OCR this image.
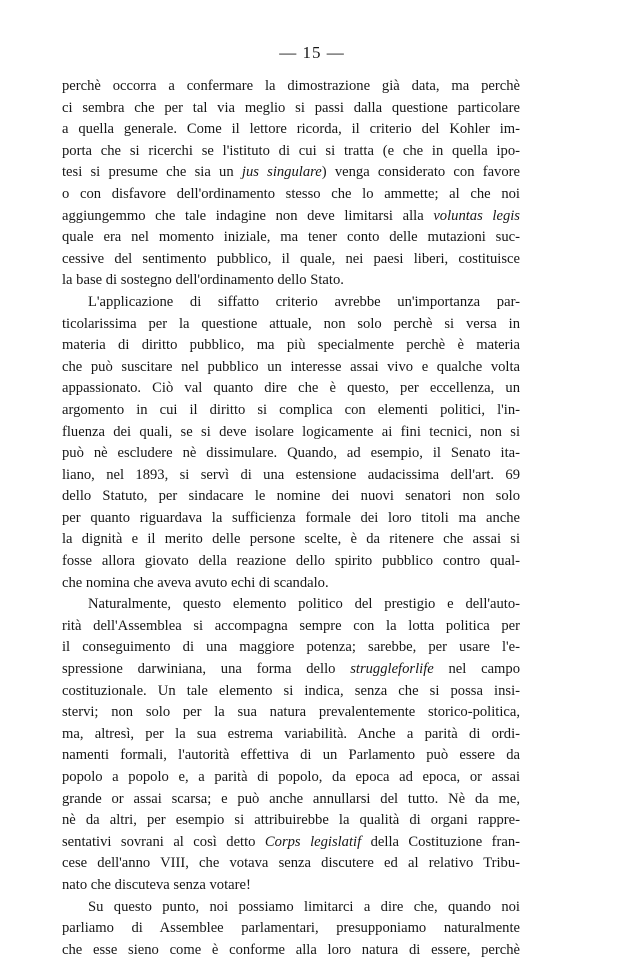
— 15 —
perchè occorra a confermare la dimostrazione già data, ma perchè
ci sembra che per tal via meglio si passi dalla questione particolare
a quella generale. Come il lettore ricorda, il criterio del Kohler im-
porta che si ricerchi se l'istituto di cui si tratta (e che in quella ipo-
tesi si presume che sia un jus singulare) venga considerato con favore
o con disfavore dell'ordinamento stesso che lo ammette; al che noi
aggiungemmo che tale indagine non deve limitarsi alla voluntas legis
quale era nel momento iniziale, ma tener conto delle mutazioni suc-
cessive del sentimento pubblico, il quale, nei paesi liberi, costituisce
la base di sostegno dell'ordinamento dello Stato.
L'applicazione di siffatto criterio avrebbe un'importanza par-
ticolarissima per la questione attuale, non solo perchè si versa in
materia di diritto pubblico, ma più specialmente perchè è materia
che può suscitare nel pubblico un interesse assai vivo e qualche volta
appassionato. Ciò val quanto dire che è questo, per eccellenza, un
argomento in cui il diritto si complica con elementi politici, l'in-
fluenza dei quali, se si deve isolare logicamente ai fini tecnici, non si
può nè escludere nè dissimulare. Quando, ad esempio, il Senato ita-
liano, nel 1893, si servì di una estensione audacissima dell'art. 69
dello Statuto, per sindacare le nomine dei nuovi senatori non solo
per quanto riguardava la sufficienza formale dei loro titoli ma anche
la dignità e il merito delle persone scelte, è da ritenere che assai si
fosse allora giovato della reazione dello spirito pubblico contro qual-
che nomina che aveva avuto echi di scandalo.
Naturalmente, questo elemento politico del prestigio e dell'auto-
rità dell'Assemblea si accompagna sempre con la lotta politica per
il conseguimento di una maggiore potenza; sarebbe, per usare l'e-
spressione darwiniana, una forma dello struggleforlife nel campo
costituzionale. Un tale elemento si indica, senza che si possa insi-
stervi; non solo per la sua natura prevalentemente storico-politica,
ma, altresì, per la sua estrema variabilità. Anche a parità di ordi-
namenti formali, l'autorità effettiva di un Parlamento può essere da
popolo a popolo e, a parità di popolo, da epoca ad epoca, or assai
grande or assai scarsa; e può anche annullarsi del tutto. Nè da me,
nè da altri, per esempio si attribuirebbe la qualità di organi rappre-
sentativi sovrani al così detto Corps legislatif della Costituzione fran-
cese dell'anno VIII, che votava senza discutere ed al relativo Tribu-
nato che discuteva senza votare!
Su questo punto, noi possiamo limitarci a dire che, quando noi
parliamo di Assemblee parlamentari, presupponiamo naturalmente
che esse sieno come è conforme alla loro natura di essere, perchè
